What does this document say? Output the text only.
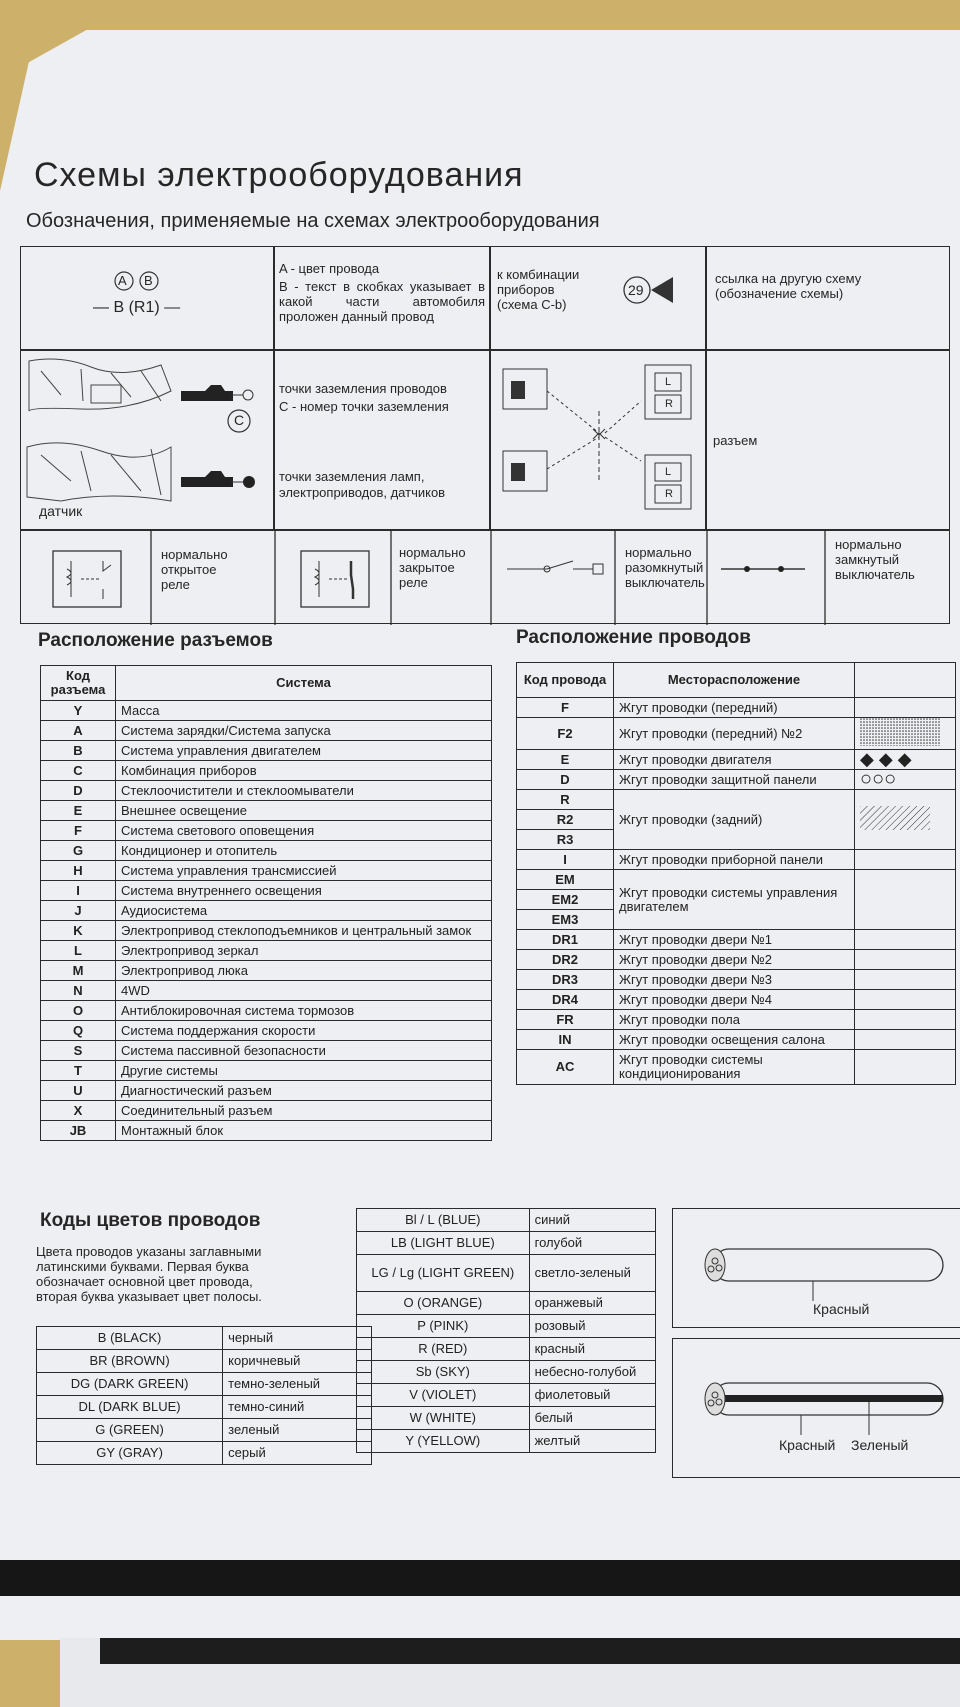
Схемы электрооборудования
Обозначения, применяемые на схемах электрооборудования
A B
— B (R1) —
A - цвет провода
B - текст в скобках указывает в какой части автомобиля проложен данный провод
к комбинации
приборов
(схема C-b)
29
ссылка на другую схему
(обозначение схемы)
C
датчик
точки заземления проводов
C - номер точки заземления
точки заземления ламп,
электроприводов, датчиков
L
R
L
R
разъем
нормально
открытое
реле
нормально
закрытое
реле
нормально
разомкнутый
выключатель
нормально
замкнутый
выключатель
Расположение разъемов
Код разъема	Система
Y	Масса
A	Система зарядки/Система запуска
B	Система управления двигателем
C	Комбинация приборов
D	Стеклоочистители и стеклоомыватели
E	Внешнее освещение
F	Система светового оповещения
G	Кондиционер и отопитель
H	Система управления трансмиссией
I	Система внутреннего освещения
J	Аудиосистема
K	Электропривод стеклоподъемников и центральный замок
L	Электропривод зеркал
M	Электропривод люка
N	4WD
O	Антиблокировочная система тормозов
Q	Система поддержания скорости
S	Система пассивной безопасности
T	Другие системы
U	Диагностический разъем
X	Соединительный разъем
JB	Монтажный блок
Расположение проводов
Код провода	Месторасположение	
F	Жгут проводки (передний)	
F2	Жгут проводки (передний) №2	
E	Жгут проводки двигателя	◆ ◆ ◆
D	Жгут проводки защитной панели	○○○
R	Жгут проводки (задний)	
R2		
R3		
I	Жгут проводки приборной панели	
EM	Жгут проводки системы управления двигателем	
EM2		
EM3		
DR1	Жгут проводки двери №1	
DR2	Жгут проводки двери №2	
DR3	Жгут проводки двери №3	
DR4	Жгут проводки двери №4	
FR	Жгут проводки пола	
IN	Жгут проводки освещения салона	
AC	Жгут проводки системы кондиционирования	
Коды цветов проводов
Цвета проводов указаны заглавными
латинскими буквами. Первая буква
обозначает основной цвет провода,
вторая буква указывает цвет полосы.
B (BLACK)	черный
BR (BROWN)	коричневый
DG (DARK GREEN)	темно-зеленый
DL (DARK BLUE)	темно-синий
G (GREEN)	зеленый
GY (GRAY)	серый
Bl / L (BLUE)	синий
LB (LIGHT BLUE)	голубой
LG / Lg (LIGHT GREEN)	светло-зеленый
O (ORANGE)	оранжевый
P (PINK)	розовый
R (RED)	красный
Sb (SKY)	небесно-голубой
V (VIOLET)	фиолетовый
W (WHITE)	белый
Y (YELLOW)	желтый
Красный
Красный Зеленый
